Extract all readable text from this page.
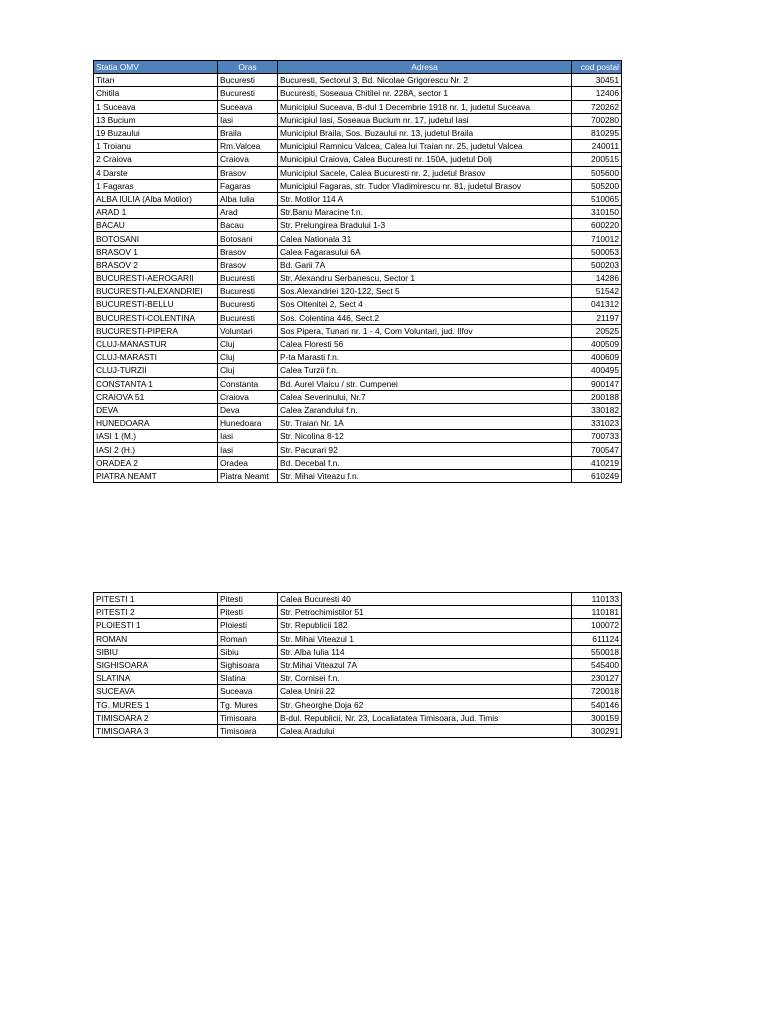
Statia OMV	Oras	Adresa	cod postal
Titan	Bucuresti	Bucuresti, Sectorul 3, Bd. Nicolae Grigorescu Nr. 2	30451
Chitila	Bucuresti	Bucuresti, Soseaua Chitilei nr. 228A, sector 1	12406
1 Suceava	Suceava	Municipiul Suceava, B-dul 1 Decembrie 1918 nr. 1, judetul Suceava	720262
13 Bucium	Iasi	Municipiul Iasi, Soseaua Bucium nr. 17, judetul Iasi	700280
19 Buzaului	Braila	Municipiul Braila, Sos. Buzaului nr. 13, judetul Braila	810295
1 Troianu	Rm.Valcea	Municipiul Ramnicu Valcea, Calea lui Traian nr. 25, judetul Valcea	240011
2 Craiova	Craiova	Municipiul Craiova, Calea Bucuresti nr. 150A, judetul Dolj	200515
4 Darste	Brasov	Municipiul Sacele, Calea Bucuresti nr. 2, judetul Brasov	505600
1 Fagaras	Fagaras	Municipiul Fagaras, str. Tudor Vladimirescu nr. 81, judetul Brasov	505200
ALBA IULIA (Alba Motilor)	Alba Iulia	Str. Motilor 114 A	510065
ARAD 1	Arad	Str.Banu Maracine f.n.	310150
BACAU	Bacau	Str. Prelungirea Bradului 1-3	600220
BOTOSANI	Botosani	Calea Nationala 31	710012
BRASOV 1	Brasov	Calea Fagarasului 6A	500053
BRASOV 2	Brasov	Bd. Garii 7A	500203
BUCURESTI-AEROGARII	Bucuresti	Str. Alexandru Serbanescu, Sector 1	14286
BUCURESTI-ALEXANDRIEI	Bucuresti	Sos.Alexandriei 120-122, Sect 5	51542
BUCURESTI-BELLU	Bucuresti	Sos Oltenitei 2, Sect 4	041312
BUCURESTI-COLENTINA	Bucuresti	Sos. Colentina 446, Sect.2	21197
BUCURESTI-PIPERA	Voluntari	Sos Pipera, Tunari nr. 1 - 4, Com Voluntari, jud. Ilfov	20525
CLUJ-MANASTUR	Cluj	Calea Floresti 56	400509
CLUJ-MARASTI	Cluj	P-ta Marasti f.n.	400609
CLUJ-TURZII	Cluj	Calea Turzii f.n.	400495
CONSTANTA 1	Constanta	Bd. Aurel Vlaicu / str. Cumpenei	900147
CRAIOVA 51	Craiova	Calea Severinului, Nr.7	200188
DEVA	Deva	Calea Zarandului f.n.	330182
HUNEDOARA	Hunedoara	Str. Traian Nr. 1A	331023
IASI 1 (M.)	Iasi	Str. Nicolina 8-12	700733
IASI 2 (H.)	Iasi	Str. Pacurari 92	700547
ORADEA 2	Oradea	Bd. Decebal f.n.	410219
PIATRA NEAMT	Piatra Neamt	Str. Mihai Viteazu f.n.	610249
PITESTI 1	Pitesti	Calea Bucuresti 40	110133
PITESTI 2	Pitesti	Str. Petrochimistilor 51	110181
PLOIESTI 1	Ploiesti	Str. Republicii 182	100072
ROMAN	Roman	Str. Mihai Viteazul 1	611124
SIBIU	Sibiu	Str. Alba Iulia 114	550018
SIGHISOARA	Sighisoara	Str.Mihai Viteazul 7A	545400
SLATINA	Slatina	Str. Cornisei f.n.	230127
SUCEAVA	Suceava	Calea Unirii 22	720018
TG. MURES 1	Tg. Mures	Str. Gheorghe Doja 62	540146
TIMISOARA 2	Timisoara	B-dul. Republicii, Nr. 23, Localiatatea Timisoara, Jud. Timis	300159
TIMISOARA 3	Timisoara	Calea Aradului	300291
